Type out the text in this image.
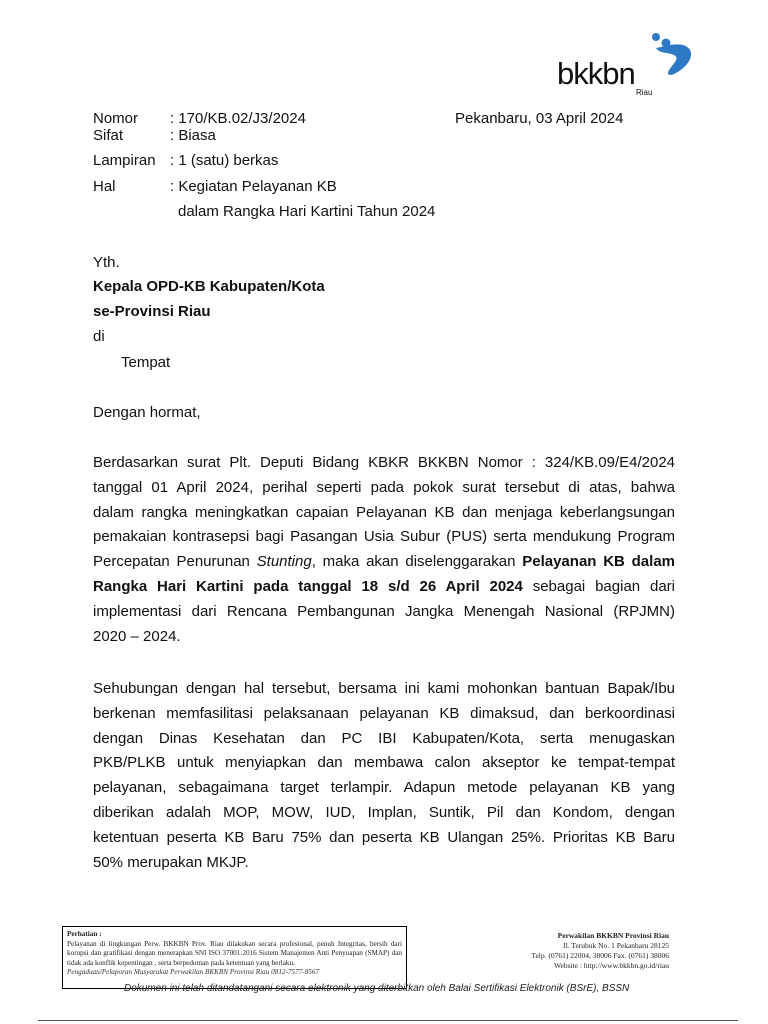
bkkbn
Riau
Nomor : 170/KB.02/J3/2024	Pekanbaru, 03 April 2024
Sifat	: Biasa
Lampiran : 1 (satu) berkas
Hal	: Kegiatan Pelayanan KB
dalam Rangka Hari Kartini Tahun 2024
Yth.
Kepala OPD-KB Kabupaten/Kota
se-Provinsi Riau
di
Tempat
Dengan hormat,
Berdasarkan surat Plt. Deputi Bidang KBKR BKKBN Nomor : 324/KB.09/E4/2024
tanggal 01 April 2024, perihal seperti pada pokok surat tersebut di atas, bahwa
dalam rangka meningkatkan capaian Pelayanan KB dan menjaga keberlangsungan
pemakaian kontrasepsi bagi Pasangan Usia Subur (PUS) serta mendukung Program
Percepatan Penurunan Stunting, maka akan diselenggarakan Pelayanan KB dalam
Rangka Hari Kartini pada tanggal 18 s/d 26 April 2024 sebagai bagian dari
implementasi dari Rencana Pembangunan Jangka Menengah Nasional (RPJMN)
2020 – 2024.
Sehubungan dengan hal tersebut, bersama ini kami mohonkan bantuan Bapak/Ibu
berkenan memfasilitasi pelaksanaan pelayanan KB dimaksud, dan berkoordinasi
dengan Dinas Kesehatan dan PC IBI Kabupaten/Kota, serta menugaskan
PKB/PLKB untuk menyiapkan dan membawa calon akseptor ke tempat-tempat
pelayanan, sebagaimana target terlampir. Adapun metode pelayanan KB yang
diberikan adalah MOP, MOW, IUD, Implan, Suntik, Pil dan Kondom, dengan
ketentuan peserta KB Baru 75% dan peserta KB Ulangan 25%. Prioritas KB Baru
50% merupakan MKJP.
Perhatian :
Pelayanan di lingkungan Perw. BKKBN Prov. Riau dilakukan secara profesional, penuh Integritas, bersih dari korupsi dan gratifikasi dengan menerapkan SNI ISO 37001:2016 Sistem Manajemen Anti Penyuapan (SMAP) dan tidak ada konflik kepentingan , serta berpedoman pada ketentuan yang berlaku.
Pengaduan/Pelaporan Masyarakat Perwakilan BKKBN Provinsi Riau 0812-7577-8567
Perwakilan BKKBN Provinsi Riau
Jl. Terubuk No. 1 Pekanbaru 28125
Telp. (0761) 22004, 38006 Fax. (0761) 38006
Website : http://www.bkkbn.go.id/riau
Dokumen ini telah ditandatangani secara elektronik yang diterbitkan oleh Balai Sertifikasi Elektronik (BSrE), BSSN
